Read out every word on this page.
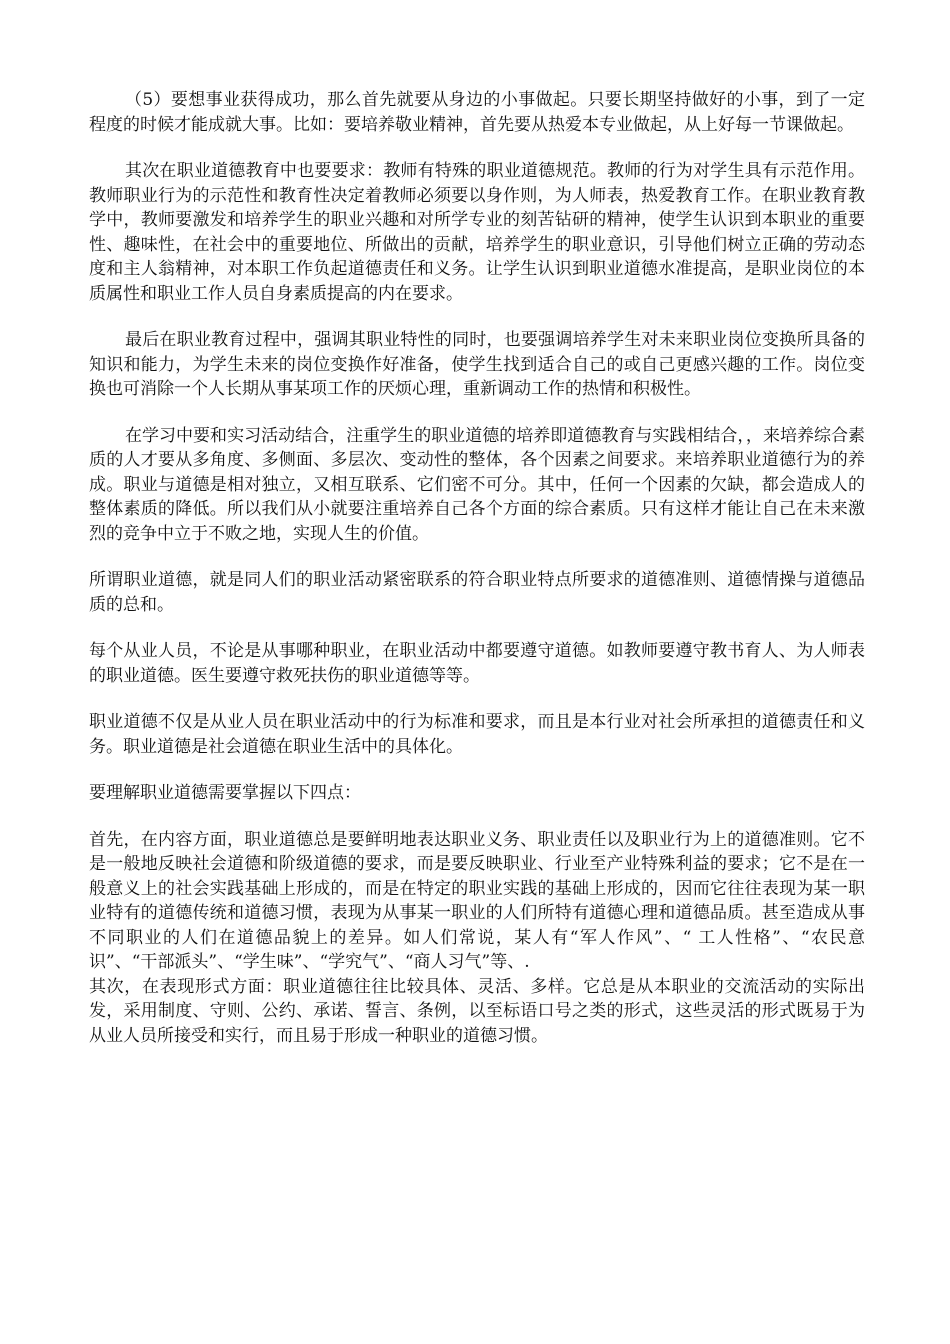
（5）要想事业获得成功，那么首先就要从身边的小事做起。只要长期坚持做好的小事，到了一定程度的时候才能成就大事。比如：要培养敬业精神，首先要从热爱本专业做起，从上好每一节课做起。

其次在职业道德教育中也要要求：教师有特殊的职业道德规范。教师的行为对学生具有示范作用。教师职业行为的示范性和教育性决定着教师必须要以身作则，为人师表，热爱教育工作。在职业教育教学中，教师要激发和培养学生的职业兴趣和对所学专业的刻苦钻研的精神，使学生认识到本职业的重要性、趣味性，在社会中的重要地位、所做出的贡献，培养学生的职业意识，引导他们树立正确的劳动态度和主人翁精神，对本职工作负起道德责任和义务。让学生认识到职业道德水准提高，是职业岗位的本质属性和职业工作人员自身素质提高的内在要求。

最后在职业教育过程中，强调其职业特性的同时，也要强调培养学生对未来职业岗位变换所具备的知识和能力，为学生未来的岗位变换作好准备，使学生找到适合自己的或自己更感兴趣的工作。岗位变换也可消除一个人长期从事某项工作的厌烦心理，重新调动工作的热情和积极性。

在学习中要和实习活动结合，注重学生的职业道德的培养即道德教育与实践相结合，，来培养综合素质的人才要从多角度、多侧面、多层次、变动性的整体，各个因素之间要求。来培养职业道德行为的养成。职业与道德是相对独立，又相互联系、它们密不可分。其中，任何一个因素的欠缺，都会造成人的整体素质的降低。所以我们从小就要注重培养自己各个方面的综合素质。只有这样才能让自己在未来激烈的竞争中立于不败之地，实现人生的价值。

所谓职业道德，就是同人们的职业活动紧密联系的符合职业特点所要求的道德准则、道德情操与道德品质的总和。

每个从业人员，不论是从事哪种职业，在职业活动中都要遵守道德。如教师要遵守教书育人、为人师表的职业道德。医生要遵守救死扶伤的职业道德等等。

职业道德不仅是从业人员在职业活动中的行为标准和要求，而且是本行业对社会所承担的道德责任和义务。职业道德是社会道德在职业生活中的具体化。

要理解职业道德需要掌握以下四点：

首先，在内容方面，职业道德总是要鲜明地表达职业义务、职业责任以及职业行为上的道德准则。它不是一般地反映社会道德和阶级道德的要求，而是要反映职业、行业至产业特殊利益的要求；它不是在一般意义上的社会实践基础上形成的，而是在特定的职业实践的基础上形成的，因而它往往表现为某一职业特有的道德传统和道德习惯，表现为从事某一职业的人们所特有道德心理和道德品质。甚至造成从事不同职业的人们在道德品貌上的差异。如人们常说，某人有“军人作风”、“ 工人性格”、“农民意识”、“干部派头”、“学生味”、“学究气”、“商人习气”等、.

其次，在表现形式方面：职业道德往往比较具体、灵活、多样。它总是从本职业的交流活动的实际出发，采用制度、守则、公约、承诺、誓言、条例，以至标语口号之类的形式，这些灵活的形式既易于为从业人员所接受和实行，而且易于形成一种职业的道德习惯。
